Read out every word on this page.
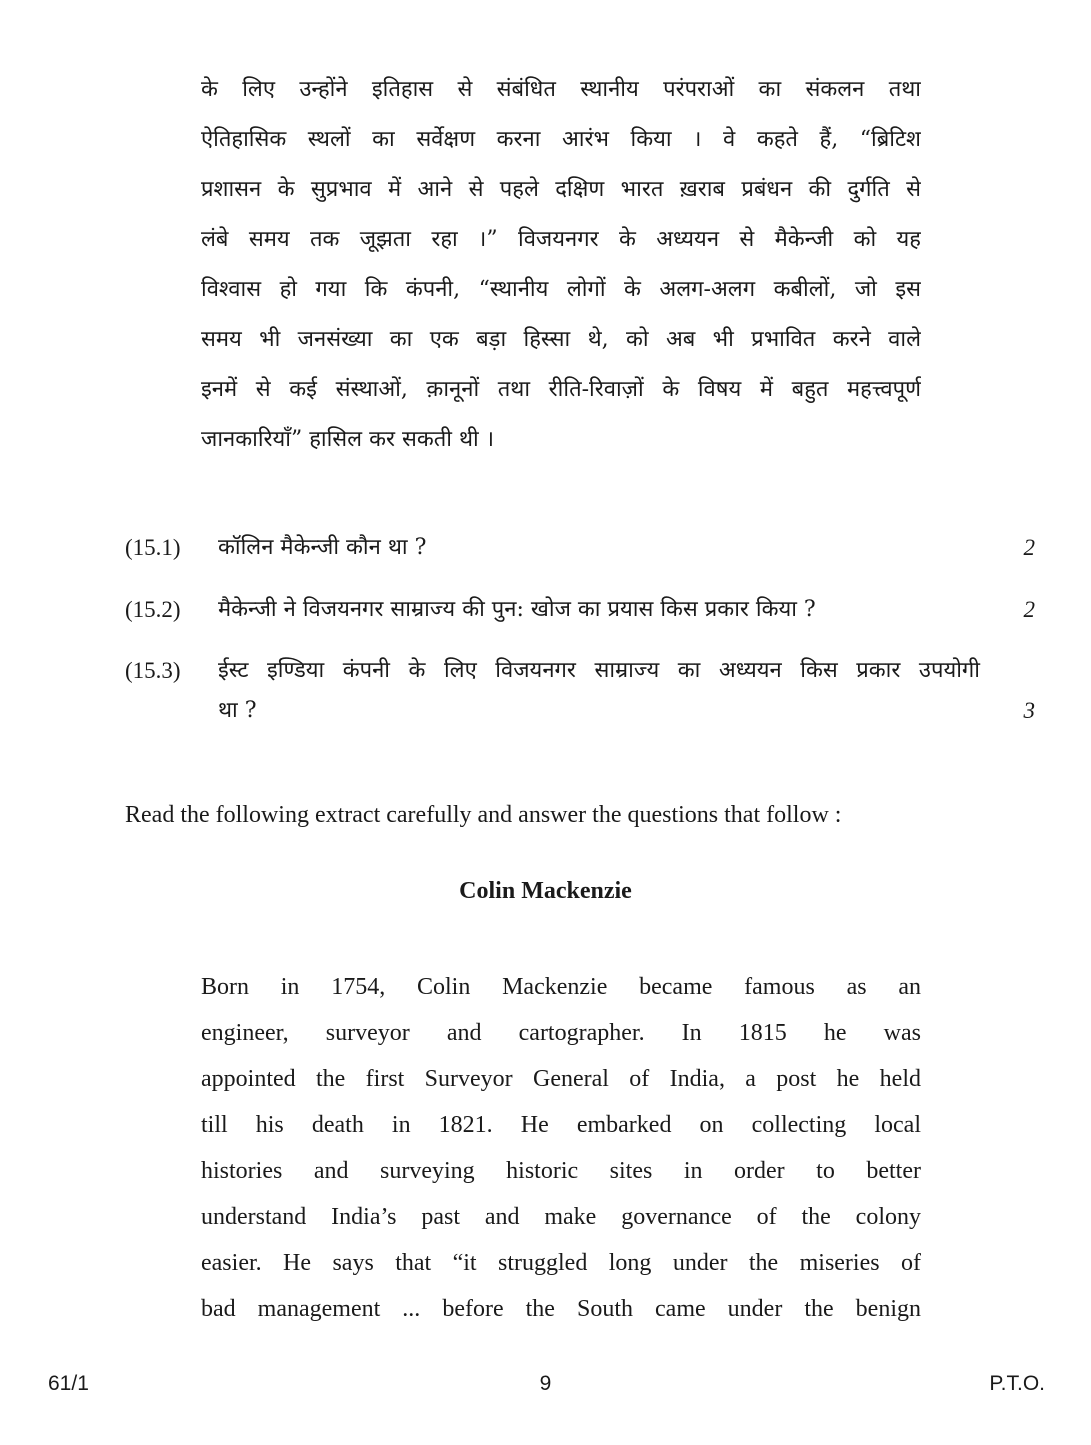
के लिए उन्होंने इतिहास से संबंधित स्थानीय परंपराओं का संकलन तथा
ऐतिहासिक स्थलों का सर्वेक्षण करना आरंभ किया । वे कहते हैं, “ब्रिटिश
प्रशासन के सुप्रभाव में आने से पहले दक्षिण भारत ख़राब प्रबंधन की दुर्गति से
लंबे समय तक जूझता रहा ।” विजयनगर के अध्ययन से मैकेन्जी को यह
विश्वास हो गया कि कंपनी, “स्थानीय लोगों के अलग-अलग कबीलों, जो इस
समय भी जनसंख्या का एक बड़ा हिस्सा थे, को अब भी प्रभावित करने वाले
इनमें से कई संस्थाओं, क़ानूनों तथा रीति-रिवाज़ों के विषय में बहुत महत्त्वपूर्ण
जानकारियाँ” हासिल कर सकती थी ।
(15.1) कॉलिन मैकेन्जी कौन था ?	2
(15.2) मैकेन्जी ने विजयनगर साम्राज्य की पुन: खोज का प्रयास किस प्रकार किया ?	2
(15.3) ईस्ट इण्डिया कंपनी के लिए विजयनगर साम्राज्य का अध्ययन किस प्रकार उपयोगी
था ?	3
Read the following extract carefully and answer the questions that follow :
Colin Mackenzie
Born in 1754, Colin Mackenzie became famous as an
engineer, surveyor and cartographer. In 1815 he was
appointed the first Surveyor General of India, a post he held
till his death in 1821. He embarked on collecting local
histories and surveying historic sites in order to better
understand India’s past and make governance of the colony
easier. He says that “it struggled long under the miseries of
bad management ... before the South came under the benign
61/1	9	P.T.O.
